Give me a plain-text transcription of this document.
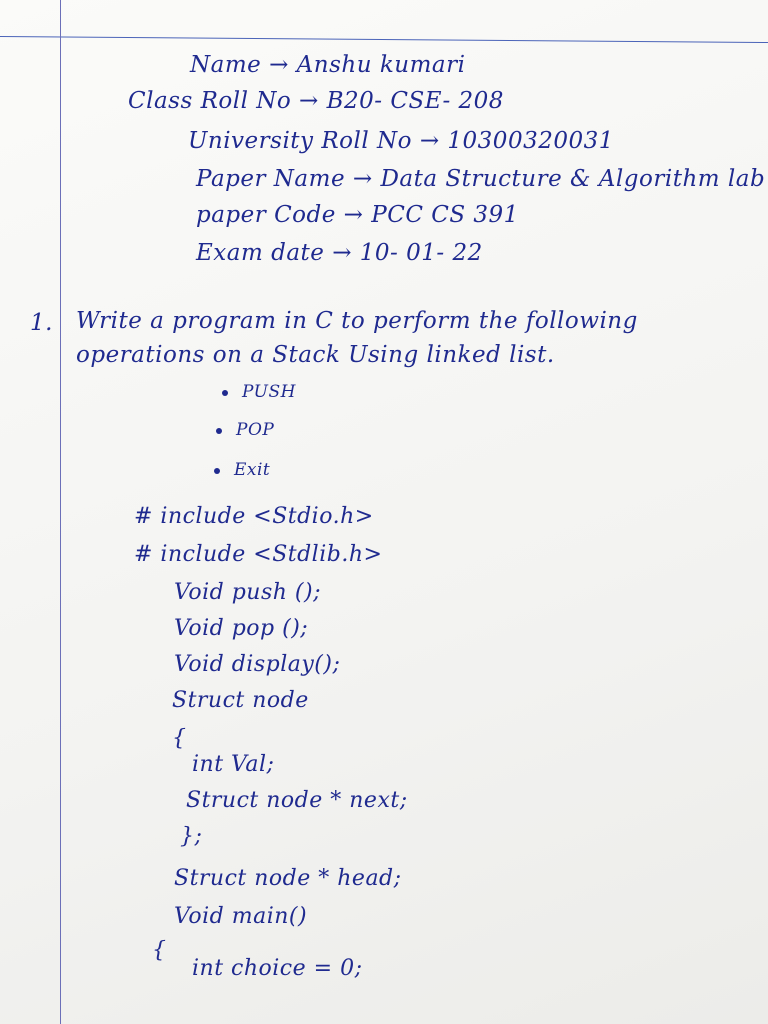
Name → Anshu kumari
Class Roll No → B20- CSE- 208
University Roll No → 10300320031
Paper Name → Data Structure & Algorithm lab
paper Code → PCC CS 391
Exam date → 10- 01- 22
1. Write a program in C to perform the following
operations on a Stack Using linked list.
PUSH
POP
Exit
# include <Stdio.h>
# include <Stdlib.h>
Void push ();
Void pop ();
Void display();
Struct node
{
int Val;
Struct node * next;
};
Struct node * head;
Void main()
{
int choice = 0;
